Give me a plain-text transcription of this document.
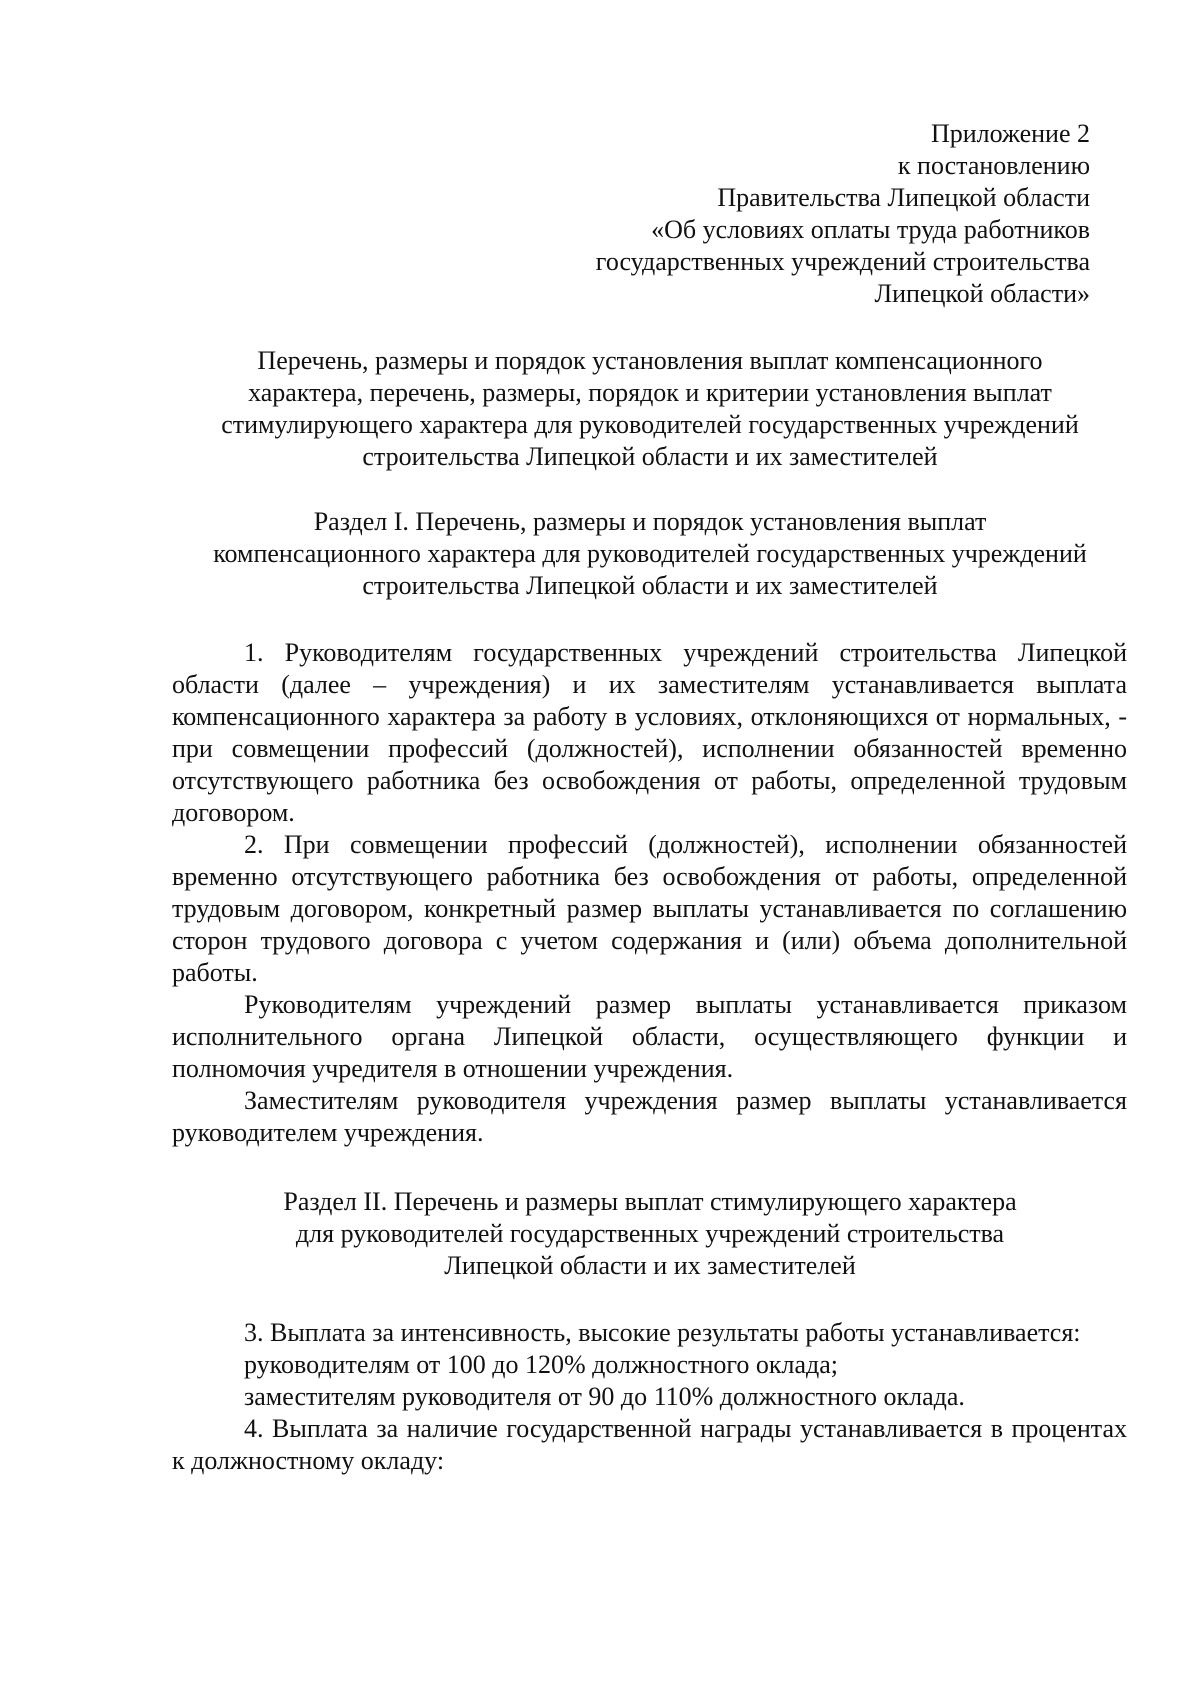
Приложение 2
к постановлению
Правительства Липецкой области
«Об условиях оплаты труда работников
государственных учреждений строительства
Липецкой области»
Перечень, размеры и порядок установления выплат компенсационного
характера, перечень, размеры, порядок и критерии установления выплат
стимулирующего характера для руководителей государственных учреждений
строительства Липецкой области и их заместителей
Раздел I. Перечень, размеры и порядок установления выплат
компенсационного характера для руководителей государственных учреждений
строительства Липецкой области и их заместителей

1. Руководителям государственных учреждений строительства Липецкой области (далее – учреждения) и их заместителям устанавливается выплата компенсационного характера за работу в условиях, отклоняющихся от нормальных, - при совмещении профессий (должностей), исполнении обязанностей временно отсутствующего работника без освобождения от работы, определенной трудовым договором.

2. При совмещении профессий (должностей), исполнении обязанностей временно отсутствующего работника без освобождения от работы, определенной трудовым договором, конкретный размер выплаты устанавливается по соглашению сторон трудового договора с учетом содержания и (или) объема дополнительной работы.

Руководителям учреждений размер выплаты устанавливается приказом исполнительного органа Липецкой области, осуществляющего функции и полномочия учредителя в отношении учреждения.

Заместителям руководителя учреждения размер выплаты устанавливается руководителем учреждения.

Раздел II. Перечень и размеры выплат стимулирующего характера
для руководителей государственных учреждений строительства
Липецкой области и их заместителей

3. Выплата за интенсивность, высокие результаты работы устанавливается:

руководителям от 100 до 120% должностного оклада;

заместителям руководителя от 90 до 110% должностного оклада.

4. Выплата за наличие государственной награды устанавливается в процентах к должностному окладу:
